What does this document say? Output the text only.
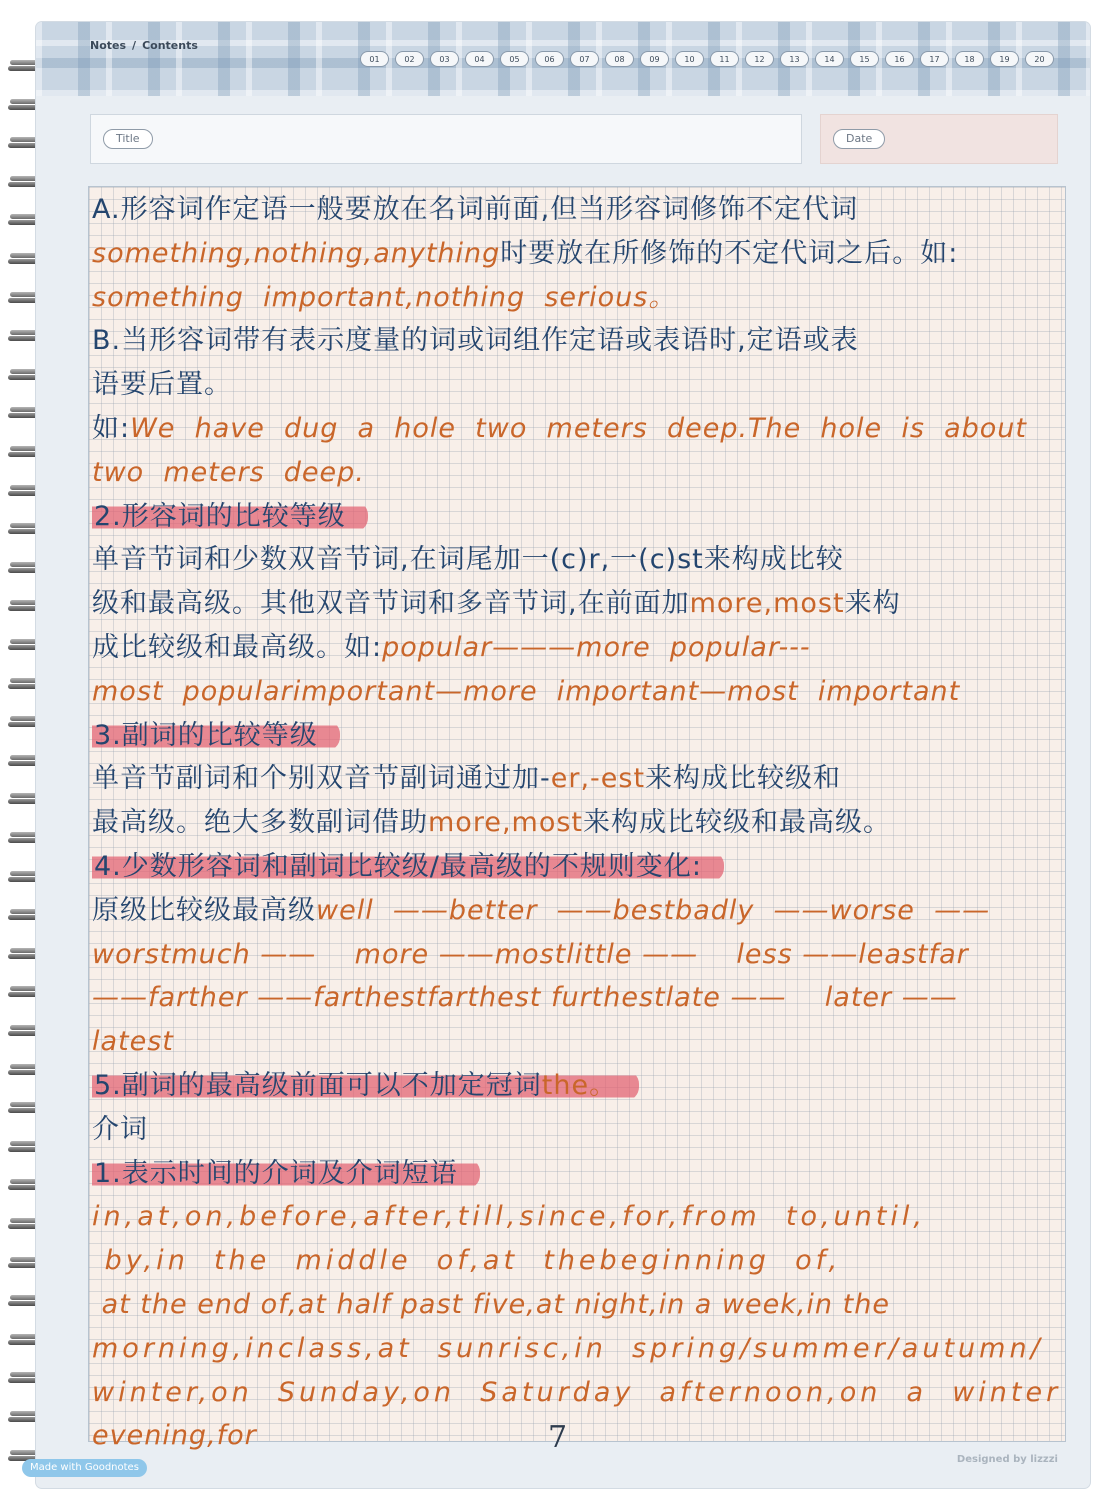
Notes / Contents
01	02	03	04	05	06	07	08	09	10	11	12	13	14	15	16	17	18	19	20
Title	Date
A.形容词作定语一般要放在名词前面,但当形容词修饰不定代词
something,nothing,anything时要放在所修饰的不定代词之后。如:
something  important,nothing  serious。
B.当形容词带有表示度量的词或词组作定语或表语时,定语或表
语要后置。
如:We  have  dug  a  hole  two  meters  deep.The  hole  is  about
two  meters  deep.
2.形容词的比较等级
单音节词和少数双音节词,在词尾加一(c)r,一(c)st来构成比较
级和最高级。其他双音节词和多音节词,在前面加more,most来构
成比较级和最高级。如:popular———more  popular---
most  popularimportant—more  important—most  important
3.副词的比较等级
单音节副词和个别双音节副词通过加-er,-est来构成比较级和
最高级。绝大多数副词借助more,most来构成比较级和最高级。
4.少数形容词和副词比较级/最高级的不规则变化:
原级比较级最高级well  ——better  ——bestbadly  ——worse  ——
worstmuch ——    more ——mostlittle ——    less ——leastfar
——farther ——farthestfarthest furthestlate ——    later ——
latest
5.副词的最高级前面可以不加定冠词the。
介词
1.表示时间的介词及介词短语
in,at,on,before,after,till,since,for,from  to,until,
by,in  the  middle  of,at  thebeginning  of,
at the end of,at half past five,at night,in a week,in the
morning,inclass,at  sunrisc,in  spring/summer/autumn/
winter,on  Sunday,on  Saturday  afternoon,on  a  winter
evening,for	7
Designed by lizzzi
Made with Goodnotes
